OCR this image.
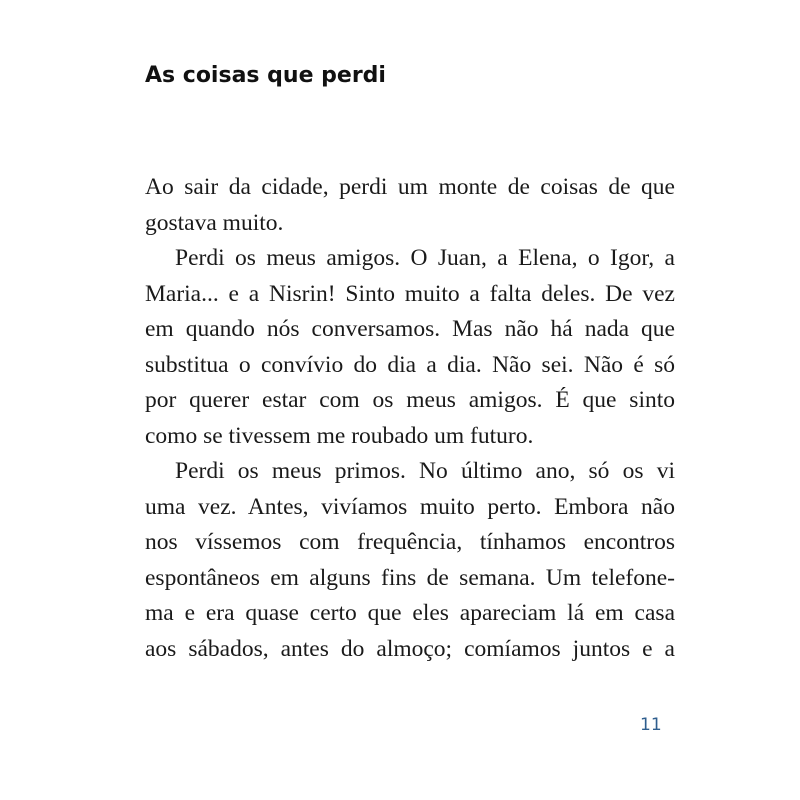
As coisas que perdi
Ao sair da cidade, perdi um monte de coisas de que
gostava muito.
Perdi os meus amigos. O Juan, a Elena, o Igor, a
Maria... e a Nisrin! Sinto muito a falta deles. De vez
em quando nós conversamos. Mas não há nada que
substitua o convívio do dia a dia. Não sei. Não é só
por querer estar com os meus amigos. É que sinto
como se tivessem me roubado um futuro.
Perdi os meus primos. No último ano, só os vi
uma vez. Antes, vivíamos muito perto. Embora não
nos víssemos com frequência, tínhamos encontros
espontâneos em alguns fins de semana. Um telefone-
ma e era quase certo que eles apareciam lá em casa
aos sábados, antes do almoço; comíamos juntos e a
11
